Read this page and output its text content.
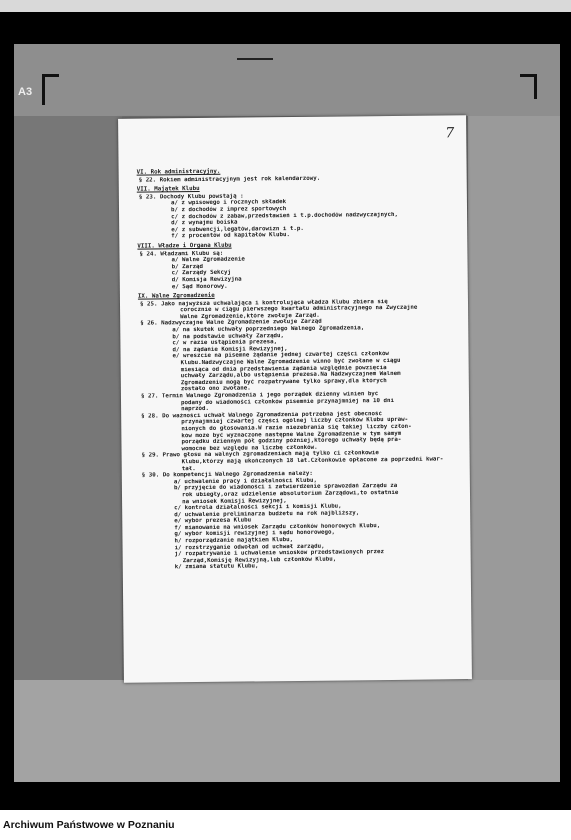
A3
7
VI. Rok administracyjny.
§ 22. Rokiem administracyjnym jest rok kalendarzowy.
VII. Majątek Klubu
§ 23. Dochody Klubu powstają :
a/ z wpisowego i rocznych składek
b/ z dochodów z imprez sportowych
c/ z dochodów z zabaw,przedstawień i t.p.dochodów nadzwyczajnych,
d/ z wynajmu boiska
e/ z subwencji,legatów,darowizn i t.p.
f/ z procentów od kapitałów Klubu.
VIII. Władze i Organa Klubu
§ 24. Władzami Klubu są:
a/ Walne Zgromadzenie
b/ Zarząd
c/ Zarządy Sekcyj
d/ Komisja Rewizyjna
e/ Sąd Honorowy.
IX. Walne Zgromadzenie
§ 25. Jako najwyższa uchwalająca i kontrolująca władza Klubu zbiera się
corocznie w ciągu pierwszego kwartału administracyjnego na Zwyczajne
Walne Zgromadzenie,które zwołuje Zarząd.
§ 26. Nadzwyczajne Walne Zgromadzenie zwołuje Zarząd
a/ na skutek uchwały poprzedniego Walnego Zgromadzenia,
b/ na podstawie uchwały Zarządu,
c/ w razie ustąpienia prezesa,
d/ na żądanie Komisji Rewizyjnej,
e/ wreszcie na pisemne żądanie jednej czwartej części członków
Klubu.Nadzwyczajne Walne Zgromadzenie winno być zwołane w ciągu
miesiąca od dnia przedstawienia żądania względnie powzięcia
uchwały Zarządu,albo ustąpienia prezesa.Na Nadzwyczajnem Walnem
Zgromadzeniu mogą być rozpatrywane tylko sprawy,dla których
zostało ono zwołane.
§ 27. Termin Walnego Zgromadzenia i jego porządek dzienny winien być
podany do wiadomości członków pisemnie przynajmniej na 10 dni
naprzód.
§ 28. Do ważności uchwał Walnego Zgromadzenia potrzebna jest obecność
przynajmniej czwartej części ogólnej liczby członków Klubu upraw-
nionych do głosowania.W razie niezebrania się takiej liczby człon-
ków może być wyznaczone następne Walne Zgromadzenie w tym samym
porządku dziennym pół godziny później,którego uchwały będą pra-
womocne bez względu na liczbę członków.
§ 29. Prawo głosu na walnych zgromadzeniach mają tylko ci członkowie
Klubu,którzy mają ukończonych 18 lat.Członkowie opłacone za poprzedni kwar-
tał.
§ 30. Do kompetencji Walnego Zgromadzenia należy:
a/ uchwalenie pracy i działalności Klubu,
b/ przyjęcie do wiadomości i zatwierdzenie sprawozdań Zarządu za
rok ubiegły,oraz udzielenie absolutorium Zarządowi,to ostatnie
na wniosek Komisji Rewizyjnej,
c/ kontrola działalności sekcji i komisji Klubu,
d/ uchwalenie preliminarza budżetu na rok najbliższy,
e/ wybór prezesa Klubu
f/ mianowanie na wniosek Zarządu członków honorowych Klubu,
g/ wybór komisji rewizyjnej i sądu honorowego,
h/ rozporządzanie majątkiem Klubu,
i/ rozstrzyganie odwołań od uchwał zarządu,
j/ rozpatrywanie i uchwalenie wniosków przedstawionych przez
Zarząd,Komisję Rewizyjną,lub członków Klubu,
k/ zmiana statutu Klubu,
Archiwum Państwowe w Poznaniu
